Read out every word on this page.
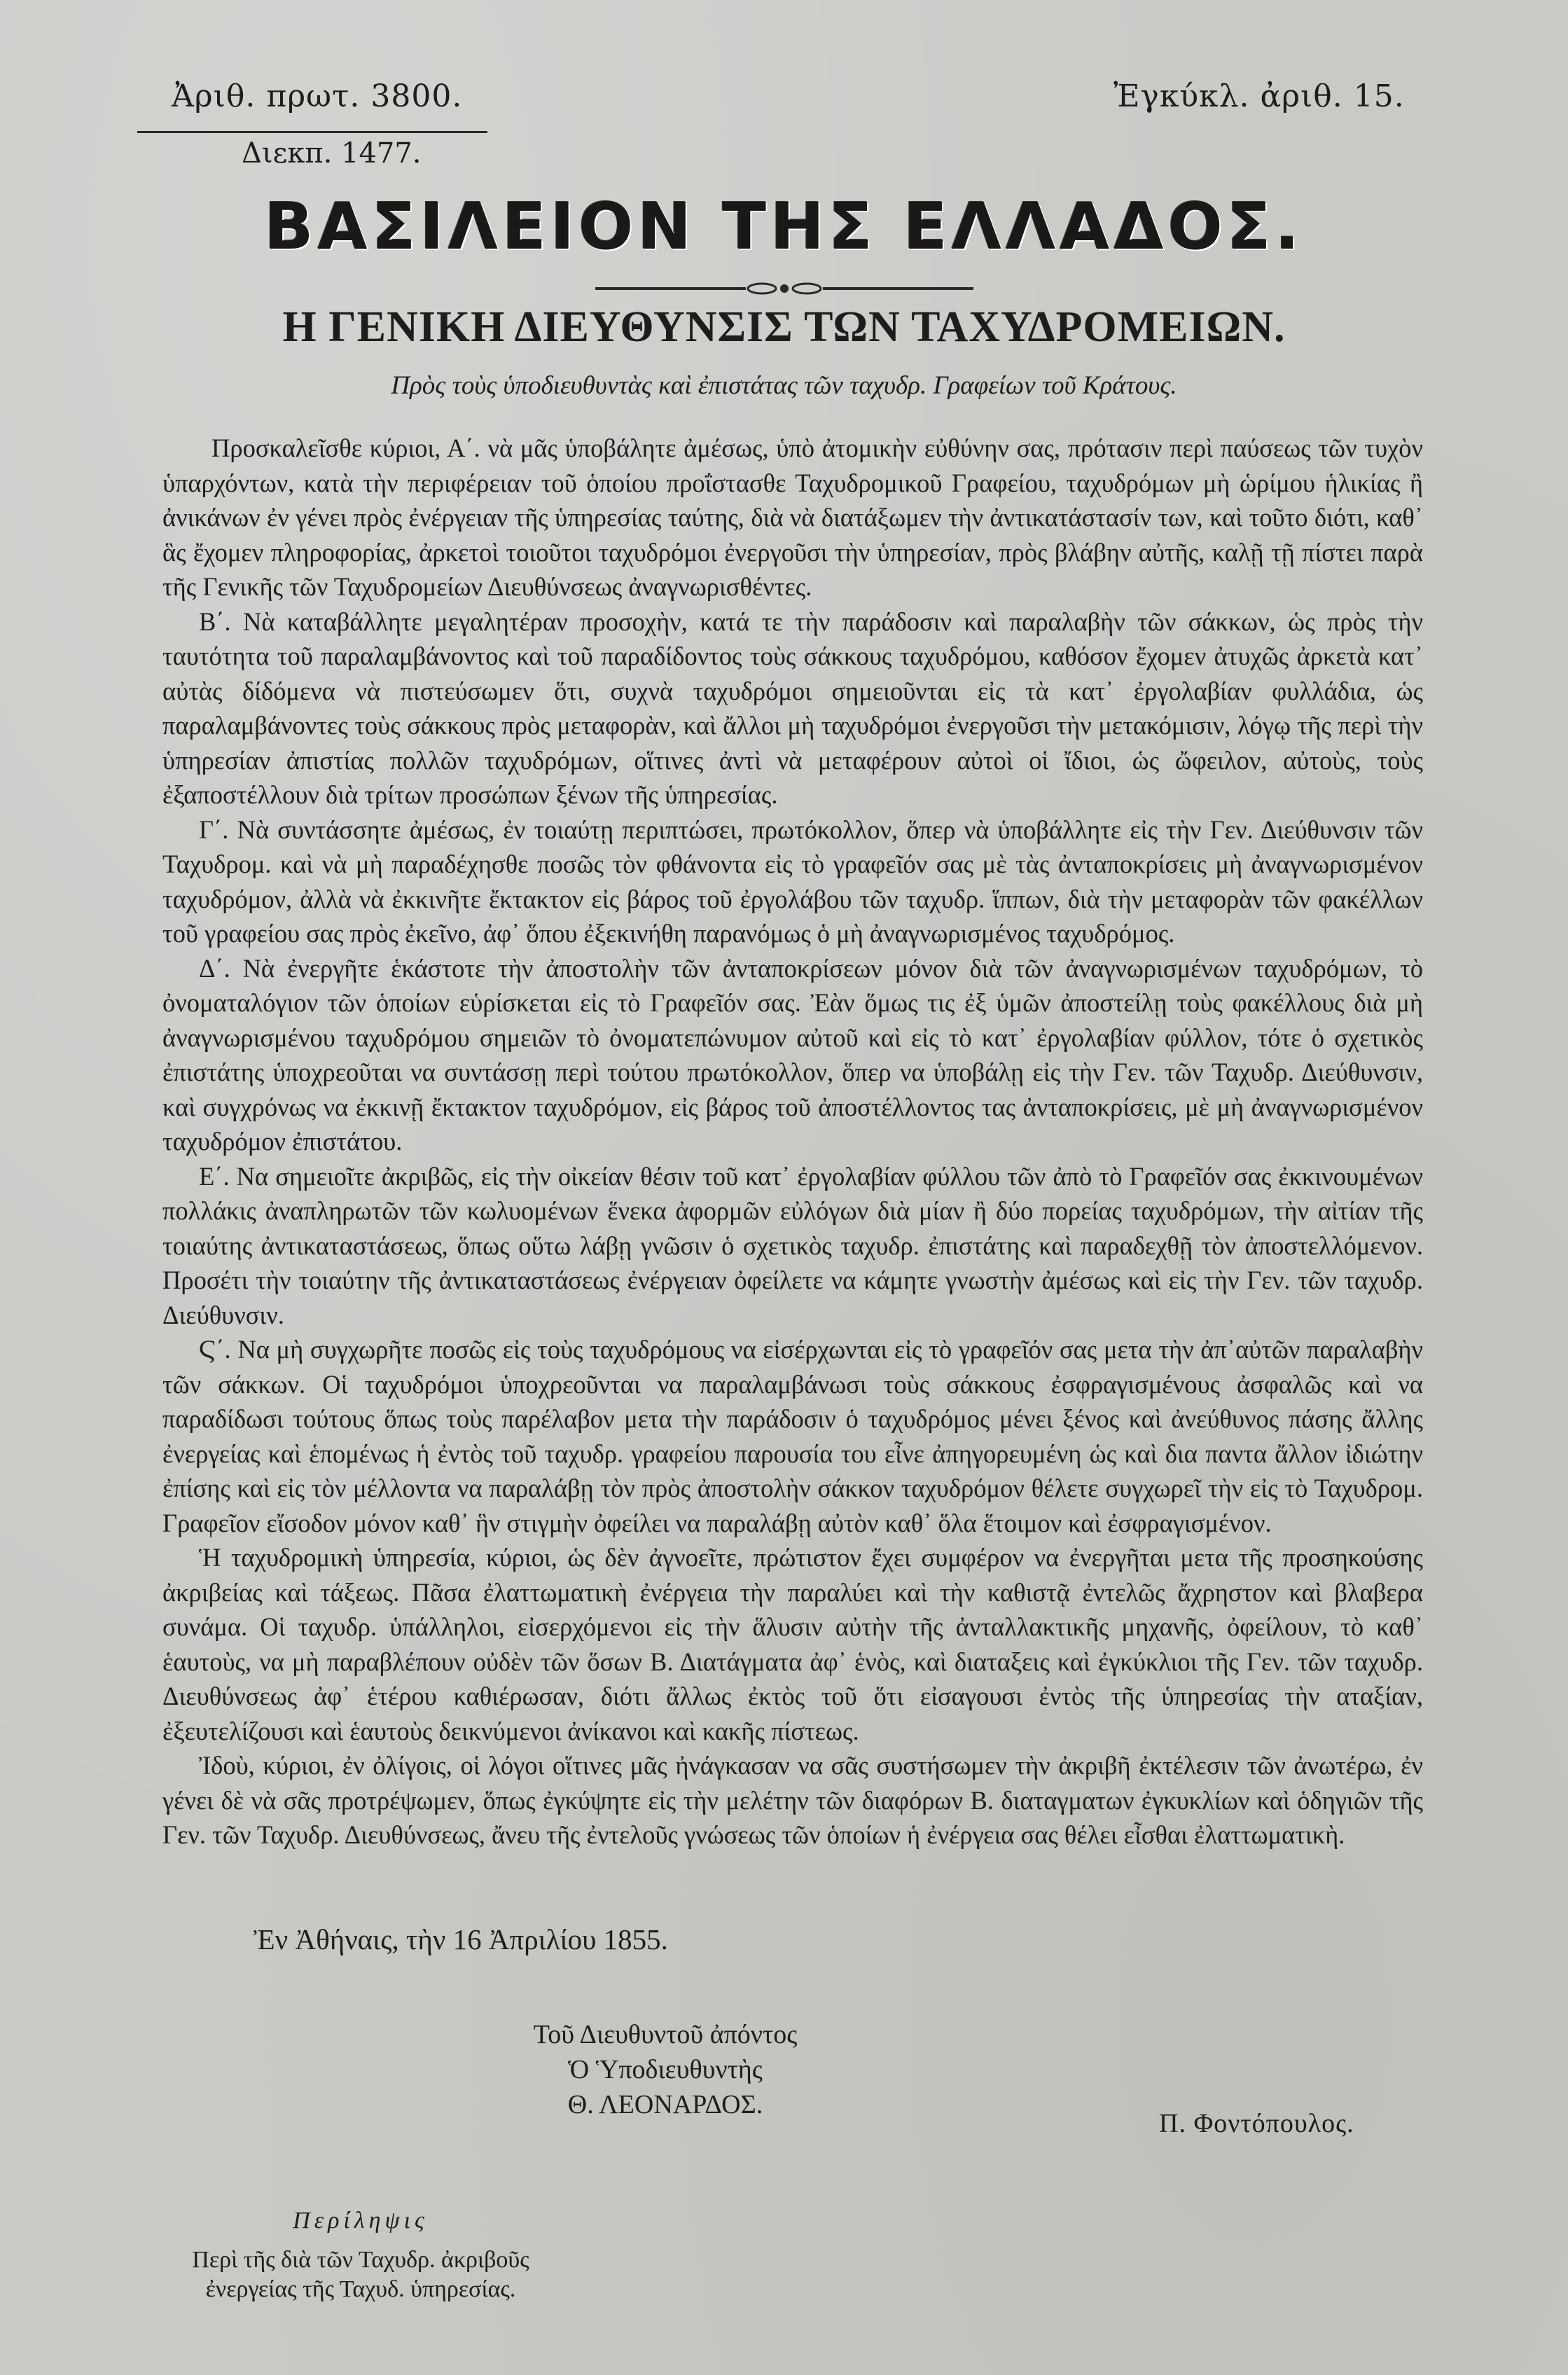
Ἀριθ. πρωτ. 3800.
Διεκπ. 1477.
Ἐγκύκλ. ἀριθ. 15.
ΒΑΣΙΛΕΙΟΝ ΤΗΣ ΕΛΛΑΔΟΣ.
Η ΓΕΝΙΚΗ ΔΙΕΥΘΥΝΣΙΣ ΤΩΝ ΤΑΧΥΔΡΟΜΕΙΩΝ.
Πρὸς τοὺς ὑποδιευθυντὰς καὶ ἐπιστάτας τῶν ταχυδρ. Γραφείων τοῦ Κράτους.

Προσκαλεῖσθε κύριοι, Α΄. νὰ μᾶς ὑποβάλητε ἀμέσως, ὑπὸ ἀτομικὴν εὐθύνην σας, πρότασιν περὶ παύσεως τῶν τυχὸν ὑπαρχόντων, κατὰ τὴν περιφέρειαν τοῦ ὁποίου προΐστασθε Ταχυδρομικοῦ Γραφείου, ταχυδρόμων μὴ ὡρίμου ἡλικίας ἢ ἀνικάνων ἐν γένει πρὸς ἐνέργειαν τῆς ὑπηρεσίας ταύτης, διὰ νὰ διατάξωμεν τὴν ἀντικατάστασίν των, καὶ τοῦτο διότι, καθ᾽ ἃς ἔχομεν πληροφορίας, ἀρκετοὶ τοιοῦτοι ταχυδρόμοι ἐνεργοῦσι τὴν ὑπηρεσίαν, πρὸς βλάβην αὐτῆς, καλῇ τῇ πίστει παρὰ τῆς Γενικῆς τῶν Ταχυδρομείων Διευθύνσεως ἀναγνωρισθέντες.

Β΄. Νὰ καταβάλλητε μεγαλητέραν προσοχὴν, κατά τε τὴν παράδοσιν καὶ παραλαβὴν τῶν σάκκων, ὡς πρὸς τὴν ταυτότητα τοῦ παραλαμβάνοντος καὶ τοῦ παραδίδοντος τοὺς σάκκους ταχυδρόμου, καθόσον ἔχομεν ἀτυχῶς ἀρκετὰ κατ᾽ αὐτὰς δίδόμενα νὰ πιστεύσωμεν ὅτι, συχνὰ ταχυδρόμοι σημειοῦνται εἰς τὰ κατ᾽ ἐργολαβίαν φυλλάδια, ὡς παραλαμβάνοντες τοὺς σάκκους πρὸς μεταφορὰν, καὶ ἄλλοι μὴ ταχυδρόμοι ἐνεργοῦσι τὴν μετακόμισιν, λόγῳ τῆς περὶ τὴν ὑπηρεσίαν ἀπιστίας πολλῶν ταχυδρόμων, οἵτινες ἀντὶ νὰ μεταφέρουν αὐτοὶ οἱ ἴδιοι, ὡς ὤφειλον, αὐτοὺς, τοὺς ἐξαποστέλλουν διὰ τρίτων προσώπων ξένων τῆς ὑπηρεσίας.

Γ΄. Νὰ συντάσσητε ἀμέσως, ἐν τοιαύτῃ περιπτώσει, πρωτόκολλον, ὅπερ νὰ ὑποβάλλητε εἰς τὴν Γεν. Διεύθυνσιν τῶν Ταχυδρομ. καὶ νὰ μὴ παραδέχησθε ποσῶς τὸν φθάνοντα εἰς τὸ γραφεῖόν σας μὲ τὰς ἀνταποκρίσεις μὴ ἀναγνωρισμένον ταχυδρόμον, ἀλλὰ νὰ ἐκκινῆτε ἔκτακτον εἰς βάρος τοῦ ἐργολάβου τῶν ταχυδρ. ἵππων, διὰ τὴν μεταφορὰν τῶν φακέλλων τοῦ γραφείου σας πρὸς ἐκεῖνο, ἀφ᾽ ὅπου ἐξεκινήθη παρανόμως ὁ μὴ ἀναγνωρισμένος ταχυδρόμος.

Δ΄. Νὰ ἐνεργῆτε ἑκάστοτε τὴν ἀποστολὴν τῶν ἀνταποκρίσεων μόνον διὰ τῶν ἀναγνωρισμένων ταχυδρόμων, τὸ ὀνοματαλόγιον τῶν ὁποίων εὑρίσκεται εἰς τὸ Γραφεῖόν σας. Ἐὰν ὅμως τις ἐξ ὑμῶν ἀποστείλῃ τοὺς φακέλλους διὰ μὴ ἀναγνωρισμένου ταχυδρόμου σημειῶν τὸ ὀνοματεπώνυμον αὐτοῦ καὶ εἰς τὸ κατ᾽ ἐργολαβίαν φύλλον, τότε ὁ σχετικὸς ἐπιστάτης ὑποχρεοῦται να συντάσσῃ περὶ τούτου πρωτόκολλον, ὅπερ να ὑποβάλῃ εἰς τὴν Γεν. τῶν Ταχυδρ. Διεύθυνσιν, καὶ συγχρόνως να ἐκκινῇ ἔκτακτον ταχυδρόμον, εἰς βάρος τοῦ ἀποστέλλοντος τας ἀνταποκρίσεις, μὲ μὴ ἀναγνωρισμένον ταχυδρόμον ἐπιστάτου.

Ε΄. Να σημειοῖτε ἀκριβῶς, εἰς τὴν οἰκείαν θέσιν τοῦ κατ᾽ ἐργολαβίαν φύλλου τῶν ἀπὸ τὸ Γραφεῖόν σας ἐκκινουμένων πολλάκις ἀναπληρωτῶν τῶν κωλυομένων ἕνεκα ἀφορμῶν εὐλόγων διὰ μίαν ἢ δύο πορείας ταχυδρόμων, τὴν αἰτίαν τῆς τοιαύτης ἀντικαταστάσεως, ὅπως οὕτω λάβῃ γνῶσιν ὁ σχετικὸς ταχυδρ. ἐπιστάτης καὶ παραδεχθῇ τὸν ἀποστελλόμενον. Προσέτι τὴν τοιαύτην τῆς ἀντικαταστάσεως ἐνέργειαν ὀφείλετε να κάμητε γνωστὴν ἀμέσως καὶ εἰς τὴν Γεν. τῶν ταχυδρ. Διεύθυνσιν.

Ϛ΄. Να μὴ συγχωρῆτε ποσῶς εἰς τοὺς ταχυδρόμους να εἰσέρχωνται εἰς τὸ γραφεῖόν σας μετα τὴν ἀπ᾽αὐτῶν παραλαβὴν τῶν σάκκων. Οἱ ταχυδρόμοι ὑποχρεοῦνται να παραλαμβάνωσι τοὺς σάκκους ἐσφραγισμένους ἀσφαλῶς καὶ να παραδίδωσι τούτους ὅπως τοὺς παρέλαβον μετα τὴν παράδοσιν ὁ ταχυδρόμος μένει ξένος καὶ ἀνεύθυνος πάσης ἄλλης ἐνεργείας καὶ ἑπομένως ἡ ἐντὸς τοῦ ταχυδρ. γραφείου παρουσία του εἶνε ἀπηγορευμένη ὡς καὶ δια παντα ἄλλον ἰδιώτην ἐπίσης καὶ εἰς τὸν μέλλοντα να παραλάβῃ τὸν πρὸς ἀποστολὴν σάκκον ταχυδρόμον θέλετε συγχωρεῖ τὴν εἰς τὸ Ταχυδρομ. Γραφεῖον εἴσοδον μόνον καθ᾽ ἣν στιγμὴν ὀφείλει να παραλάβῃ αὐτὸν καθ᾽ ὅλα ἕτοιμον καὶ ἐσφραγισμένον.

Ἡ ταχυδρομικὴ ὑπηρεσία, κύριοι, ὡς δὲν ἀγνοεῖτε, πρώτιστον ἔχει συμφέρον να ἐνεργῆται μετα τῆς προσηκούσης ἀκριβείας καὶ τάξεως. Πᾶσα ἐλαττωματικὴ ἐνέργεια τὴν παραλύει καὶ τὴν καθιστᾷ ἐντελῶς ἄχρηστον καὶ βλαβερα συνάμα. Οἱ ταχυδρ. ὑπάλληλοι, εἰσερχόμενοι εἰς τὴν ἅλυσιν αὐτὴν τῆς ἀνταλλακτικῆς μηχανῆς, ὀφείλουν, τὸ καθ᾽ ἑαυτοὺς, να μὴ παραβλέπουν οὐδὲν τῶν ὅσων Β. Διατάγματα ἀφ᾽ ἑνὸς, καὶ διαταξεις καὶ ἐγκύκλιοι τῆς Γεν. τῶν ταχυδρ. Διευθύνσεως ἀφ᾽ ἑτέρου καθιέρωσαν, διότι ἄλλως ἐκτὸς τοῦ ὅτι εἰσαγουσι ἐντὸς τῆς ὑπηρεσίας τὴν αταξίαν, ἐξευτελίζουσι καὶ ἑαυτοὺς δεικνύμενοι ἀνίκανοι καὶ κακῆς πίστεως.

Ἰδοὺ, κύριοι, ἐν ὀλίγοις, οἱ λόγοι οἵτινες μᾶς ἠνάγκασαν να σᾶς συστήσωμεν τὴν ἀκριβῆ ἐκτέλεσιν τῶν ἀνωτέρω, ἐν γένει δὲ νὰ σᾶς προτρέψωμεν, ὅπως ἐγκύψητε εἰς τὴν μελέτην τῶν διαφόρων Β. διαταγματων ἐγκυκλίων καὶ ὁδηγιῶν τῆς Γεν. τῶν Ταχυδρ. Διευθύνσεως, ἄνευ τῆς ἐντελοῦς γνώσεως τῶν ὁποίων ἡ ἐνέργεια σας θέλει εἶσθαι ἐλαττωματικὴ.

Ἐν Ἀθήναις, τὴν 16 Ἀπριλίου 1855.
Τοῦ Διευθυντοῦ ἀπόντος
Ὁ Ὑποδιευθυντὴς
Θ. ΛΕΟΝΑΡΔΟΣ.
Π. Φοντόπουλος.
Περίληψις
Περὶ τῆς διὰ τῶν Ταχυδρ. ἀκριβοῦς
ἐνεργείας τῆς Ταχυδ. ὑπηρεσίας.
